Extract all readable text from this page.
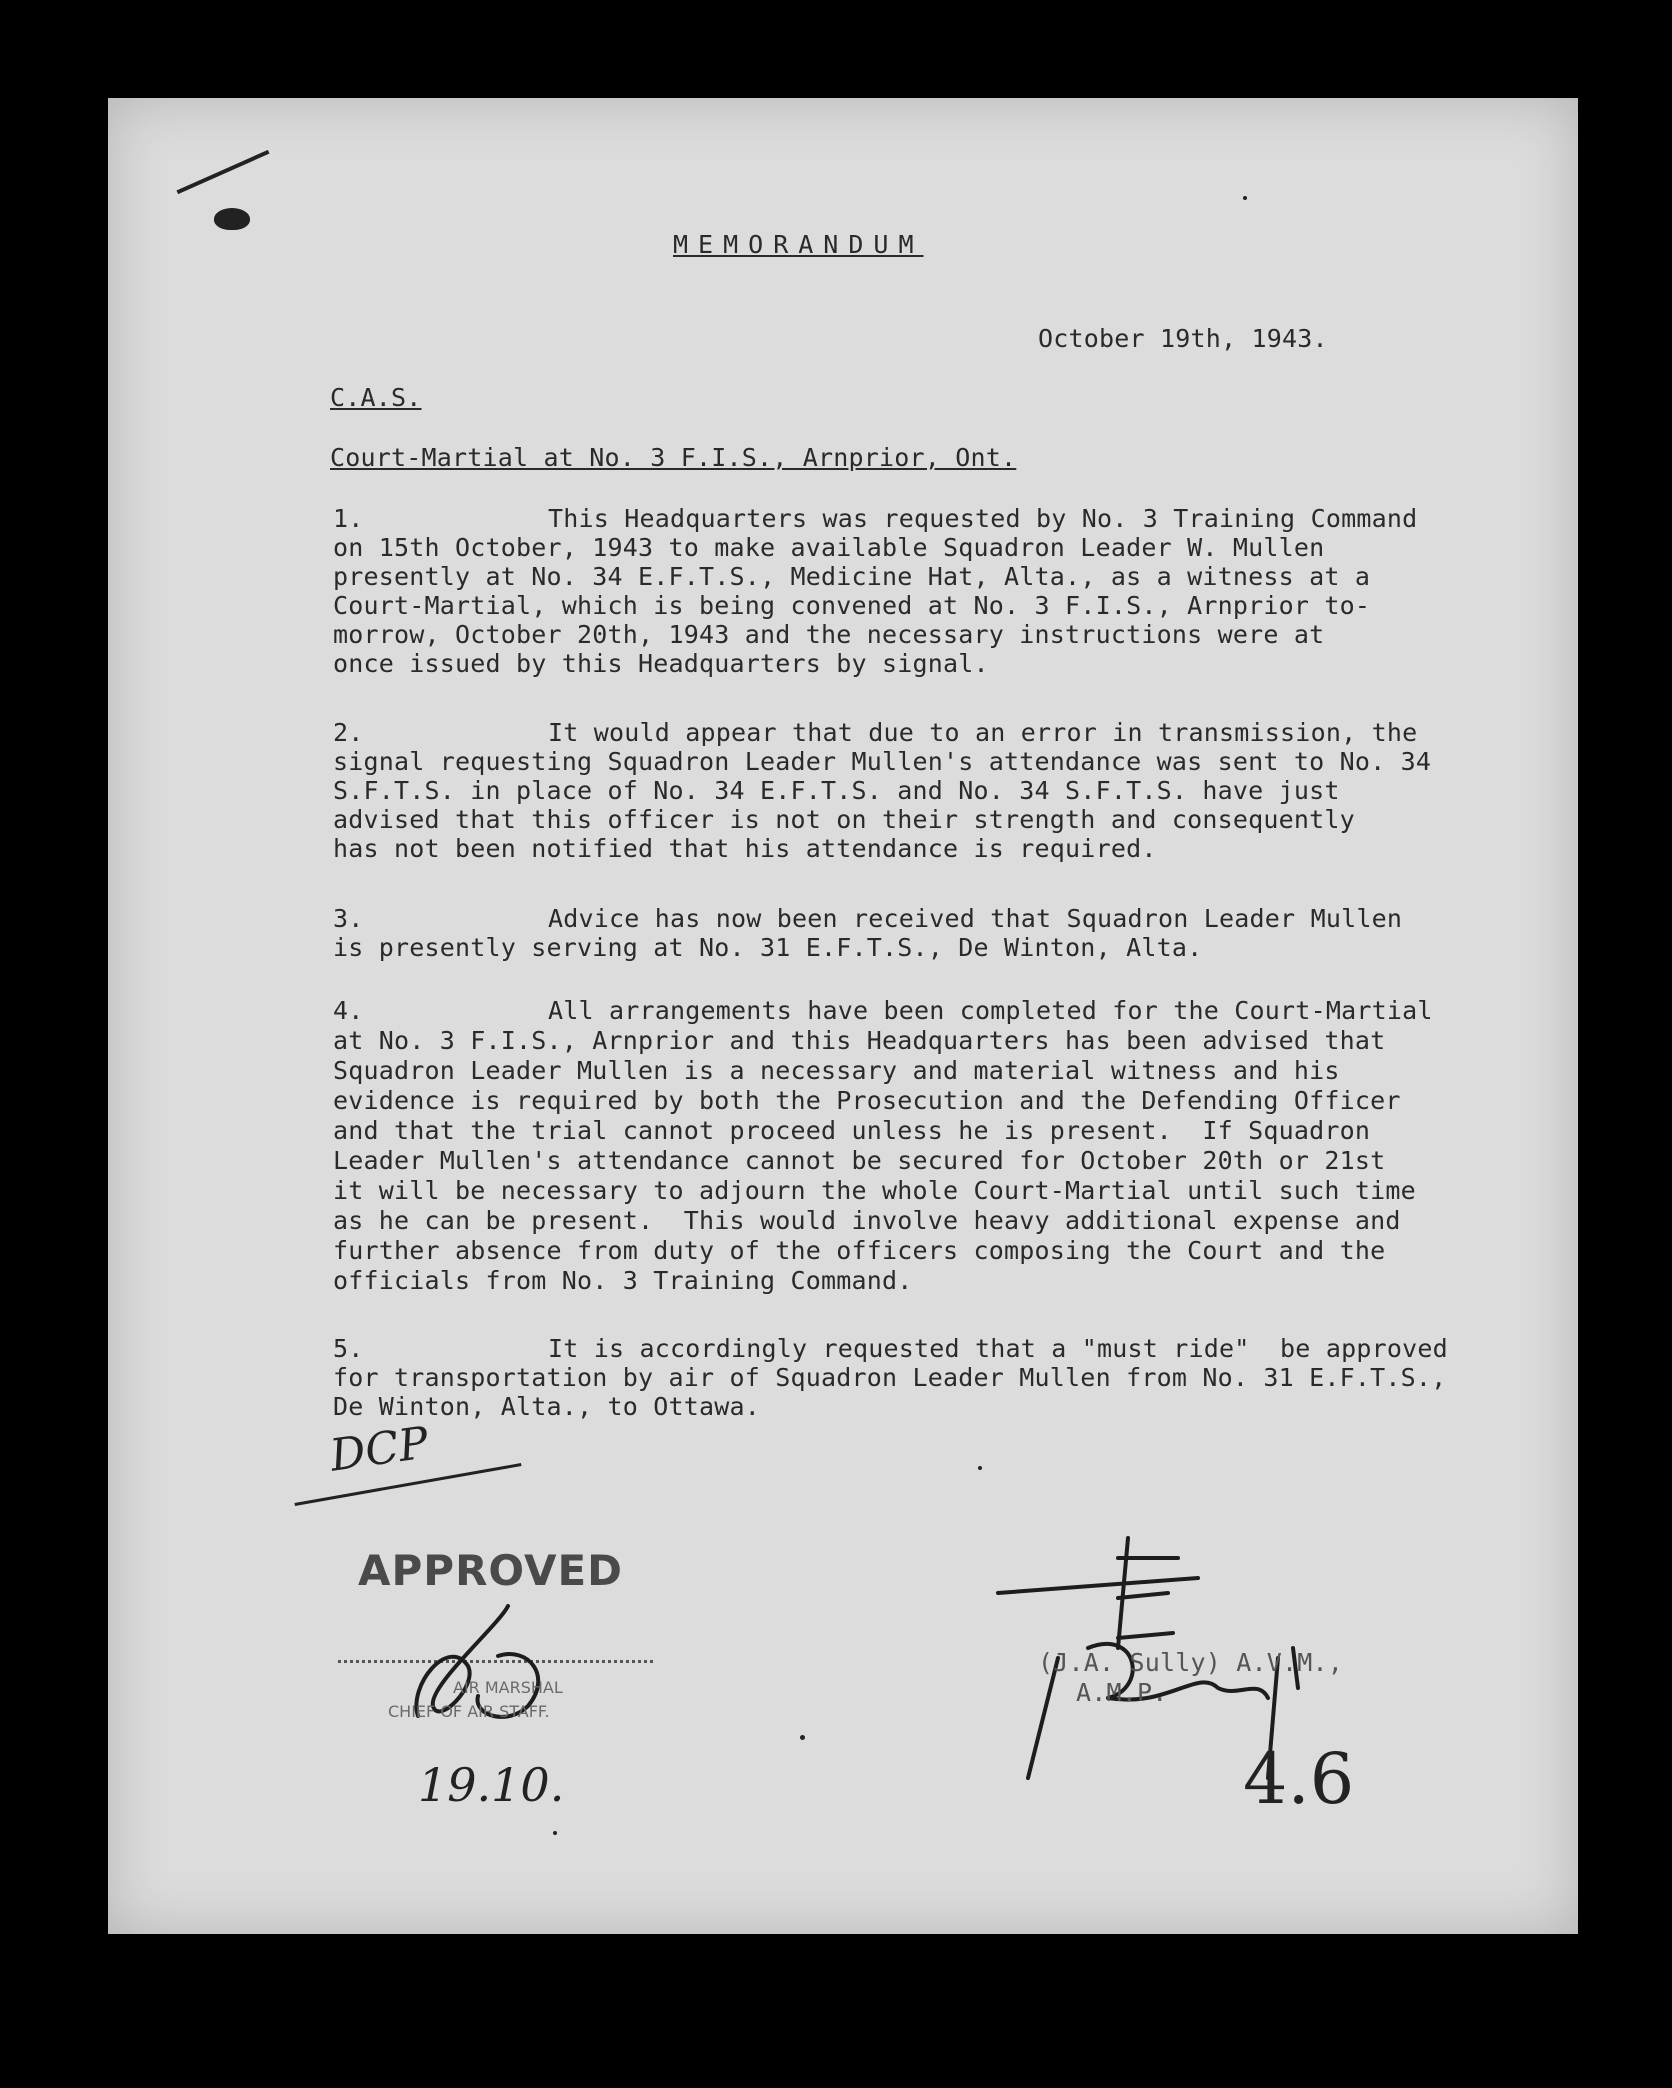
MEMORANDUM
October 19th, 1943.
C.A.S.
Court-Martial at No. 3 F.I.S., Arnprior, Ont.

1.

	This Headquarters was requested by No. 3 Training Command

on 15th October, 1943 to make available Squadron Leader W. Mullen

presently at No. 34 E.F.T.S., Medicine Hat, Alta., as a witness at a

Court-Martial, which is being convened at No. 3 F.I.S., Arnprior to-

morrow, October 20th, 1943 and the necessary instructions were at

once issued by this Headquarters by signal.

2.

	It would appear that due to an error in transmission, the

signal requesting Squadron Leader Mullen's attendance was sent to No. 34

S.F.T.S. in place of No. 34 E.F.T.S. and No. 34 S.F.T.S. have just

advised that this officer is not on their strength and consequently

has not been notified that his attendance is required.

3.

	Advice has now been received that Squadron Leader Mullen

is presently serving at No. 31 E.F.T.S., De Winton, Alta.

4.

	All arrangements have been completed for the Court-Martial

at No. 3 F.I.S., Arnprior and this Headquarters has been advised that

Squadron Leader Mullen is a necessary and material witness and his

evidence is required by both the Prosecution and the Defending Officer

and that the trial cannot proceed unless he is present.  If Squadron

Leader Mullen's attendance cannot be secured for October 20th or 21st

it will be necessary to adjourn the whole Court-Martial until such time

as he can be present.  This would involve heavy additional expense and

further absence from duty of the officers composing the Court and the

officials from No. 3 Training Command.

5.

	It is accordingly requested that a "must ride"  be approved

for transportation by air of Squadron Leader Mullen from No. 31 E.F.T.S.,

De Winton, Alta., to Ottawa.

DCP
APPROVED
AIR MARSHAL
CHIEF OF AIR STAFF.
19.10.
(J.A. Sully) A.V.M.,
A.M.P.
4.6
